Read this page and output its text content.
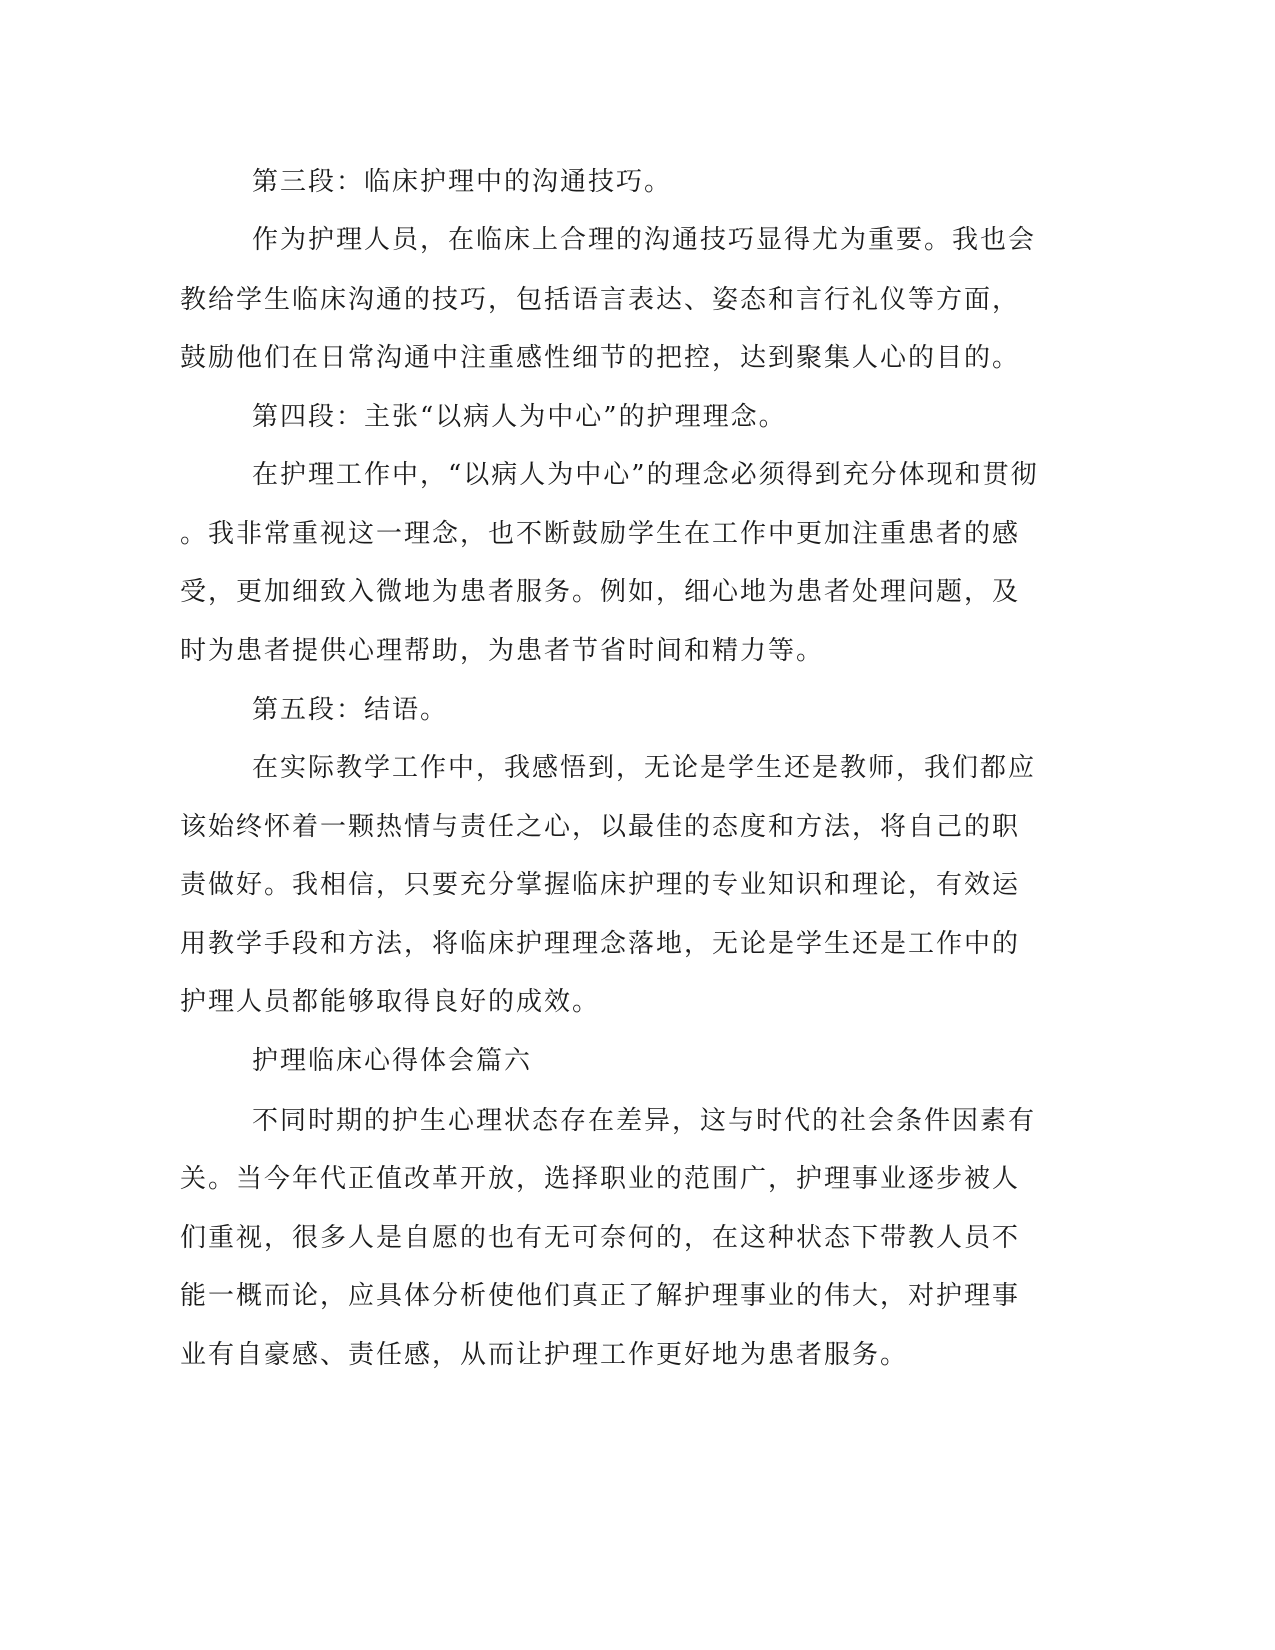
第三段：临床护理中的沟通技巧。
作为护理人员，在临床上合理的沟通技巧显得尤为重要。我也会
教给学生临床沟通的技巧，包括语言表达、姿态和言行礼仪等方面，
鼓励他们在日常沟通中注重感性细节的把控，达到聚集人心的目的。
第四段：主张“以病人为中心”的护理理念。
在护理工作中，“以病人为中心”的理念必须得到充分体现和贯彻
。我非常重视这一理念，也不断鼓励学生在工作中更加注重患者的感
受，更加细致入微地为患者服务。例如，细心地为患者处理问题，及
时为患者提供心理帮助，为患者节省时间和精力等。
第五段：结语。
在实际教学工作中，我感悟到，无论是学生还是教师，我们都应
该始终怀着一颗热情与责任之心，以最佳的态度和方法，将自己的职
责做好。我相信，只要充分掌握临床护理的专业知识和理论，有效运
用教学手段和方法，将临床护理理念落地，无论是学生还是工作中的
护理人员都能够取得良好的成效。
护理临床心得体会篇六
不同时期的护生心理状态存在差异，这与时代的社会条件因素有
关。当今年代正值改革开放，选择职业的范围广，护理事业逐步被人
们重视，很多人是自愿的也有无可奈何的，在这种状态下带教人员不
能一概而论，应具体分析使他们真正了解护理事业的伟大，对护理事
业有自豪感、责任感，从而让护理工作更好地为患者服务。
